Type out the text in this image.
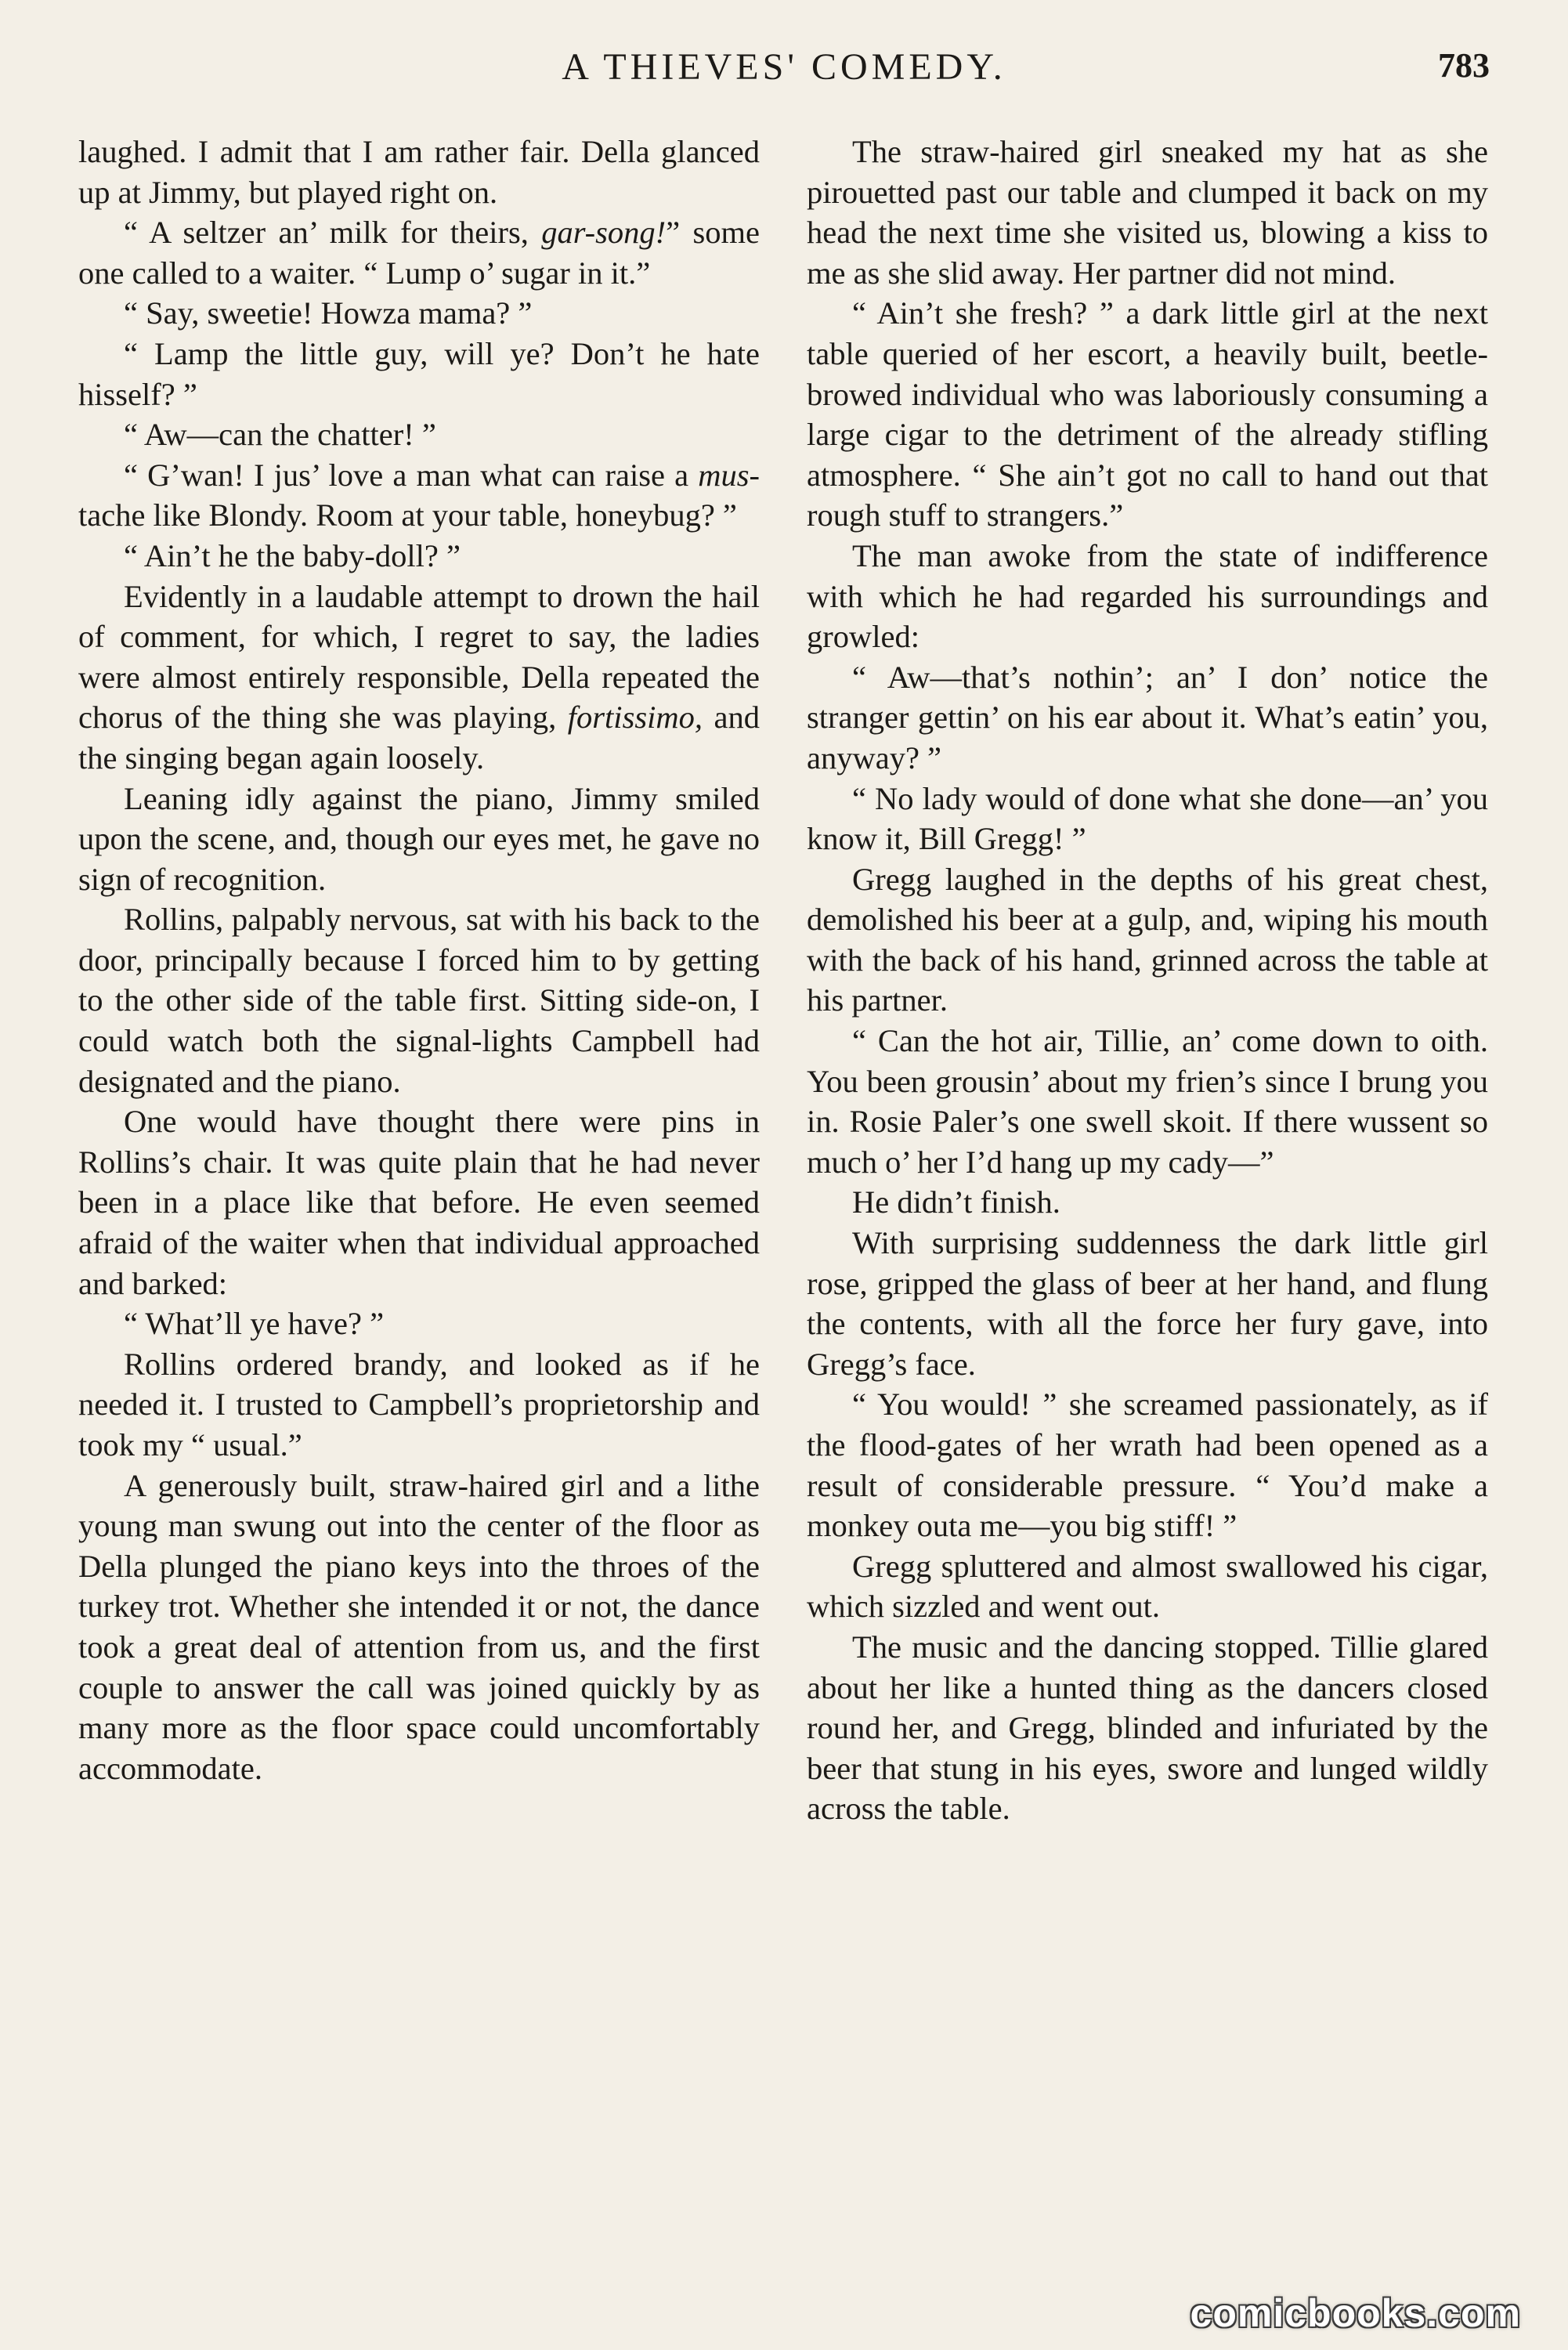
A THIEVES' COMEDY.	783

laughed. I admit that I am rather fair. Della glanced up at Jimmy, but played right on.

“ A seltzer an’ milk for theirs, gar-song!” some one called to a waiter. “ Lump o’ sugar in it.”

“ Say, sweetie! Howza mama? ”

“ Lamp the little guy, will ye? Don’t he hate hisself? ”

“ Aw—can the chatter! ”

“ G’wan! I jus’ love a man what can raise a mus-tache like Blondy. Room at your table, honeybug? ”

“ Ain’t he the baby-doll? ”

Evidently in a laudable attempt to drown the hail of comment, for which, I regret to say, the ladies were almost entirely responsible, Della repeated the chorus of the thing she was playing, fortissimo, and the singing began again loosely.

Leaning idly against the piano, Jimmy smiled upon the scene, and, though our eyes met, he gave no sign of recognition.

Rollins, palpably nervous, sat with his back to the door, principally because I forced him to by getting to the other side of the table first. Sitting side-on, I could watch both the signal-lights Campbell had designated and the piano.

One would have thought there were pins in Rollins’s chair. It was quite plain that he had never been in a place like that before. He even seemed afraid of the waiter when that individual approached and barked:

“ What’ll ye have? ”

Rollins ordered brandy, and looked as if he needed it. I trusted to Campbell’s proprietorship and took my “ usual.”

A generously built, straw-haired girl and a lithe young man swung out into the center of the floor as Della plunged the piano keys into the throes of the turkey trot. Whether she intended it or not, the dance took a great deal of attention from us, and the first couple to answer the call was joined quickly by as many more as the floor space could uncomfortably accommodate.

The straw-haired girl sneaked my hat as she pirouetted past our table and clumped it back on my head the next time she visited us, blowing a kiss to me as she slid away. Her partner did not mind.

“ Ain’t she fresh? ” a dark little girl at the next table queried of her escort, a heavily built, beetle-browed individual who was laboriously consuming a large cigar to the detriment of the already stifling atmosphere. “ She ain’t got no call to hand out that rough stuff to strangers.”

The man awoke from the state of indifference with which he had regarded his surroundings and growled:

“ Aw—that’s nothin’; an’ I don’ notice the stranger gettin’ on his ear about it. What’s eatin’ you, anyway? ”

“ No lady would of done what she done—an’ you know it, Bill Gregg! ”

Gregg laughed in the depths of his great chest, demolished his beer at a gulp, and, wiping his mouth with the back of his hand, grinned across the table at his partner.

“ Can the hot air, Tillie, an’ come down to oith. You been grousin’ about my frien’s since I brung you in. Rosie Paler’s one swell skoit. If there wussent so much o’ her I’d hang up my cady—”

He didn’t finish.

With surprising suddenness the dark little girl rose, gripped the glass of beer at her hand, and flung the contents, with all the force her fury gave, into Gregg’s face.

“ You would! ” she screamed passionately, as if the flood-gates of her wrath had been opened as a result of considerable pressure. “ You’d make a monkey outa me—you big stiff! ”

Gregg spluttered and almost swallowed his cigar, which sizzled and went out.

The music and the dancing stopped. Tillie glared about her like a hunted thing as the dancers closed round her, and Gregg, blinded and infuriated by the beer that stung in his eyes, swore and lunged wildly across the table.

comicbooks.com
